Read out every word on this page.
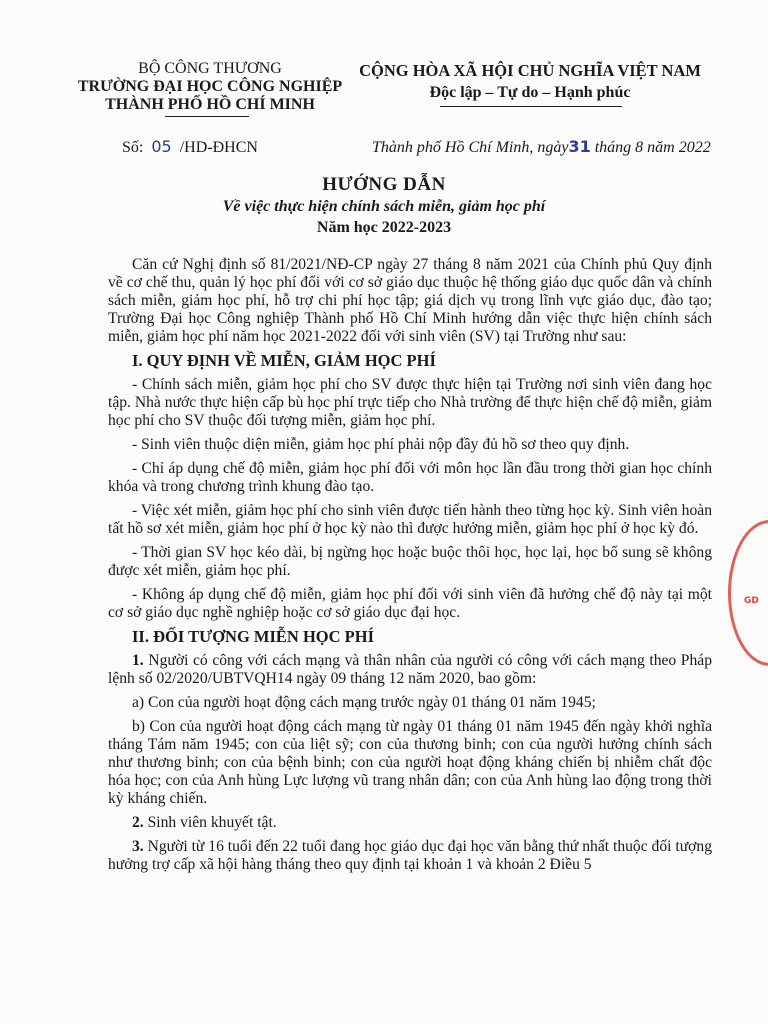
BỘ CÔNG THƯƠNG
TRƯỜNG ĐẠI HỌC CÔNG NGHIỆP
THÀNH PHỐ HỒ CHÍ MINH
CỘNG HÒA XÃ HỘI CHỦ NGHĨA VIỆT NAM
Độc lập – Tự do – Hạnh phúc
Số: 05 /HD-ĐHCN	Thành phố Hồ Chí Minh, ngày31 tháng 8 năm 2022
HƯỚNG DẪN
Về việc thực hiện chính sách miễn, giảm học phí
Năm học 2022-2023

Căn cứ Nghị định số 81/2021/NĐ-CP ngày 27 tháng 8 năm 2021 của Chính phủ Quy định về cơ chế thu, quản lý học phí đối với cơ sở giáo dục thuộc hệ thống giáo dục quốc dân và chính sách miễn, giảm học phí, hỗ trợ chi phí học tập; giá dịch vụ trong lĩnh vực giáo dục, đào tạo; Trường Đại học Công nghiệp Thành phố Hồ Chí Minh hướng dẫn việc thực hiện chính sách miễn, giảm học phí năm học 2021-2022 đối với sinh viên (SV) tại Trường như sau:

I. QUY ĐỊNH VỀ MIỄN, GIẢM HỌC PHÍ

- Chính sách miễn, giảm học phí cho SV được thực hiện tại Trường nơi sinh viên đang học tập. Nhà nước thực hiện cấp bù học phí trực tiếp cho Nhà trường để thực hiện chế độ miễn, giảm học phí cho SV thuộc đối tượng miễn, giảm học phí.

- Sinh viên thuộc diện miễn, giảm học phí phải nộp đầy đủ hồ sơ theo quy định.

- Chỉ áp dụng chế độ miễn, giảm học phí đối với môn học lần đầu trong thời gian học chính khóa và trong chương trình khung đào tạo.

- Việc xét miễn, giảm học phí cho sinh viên được tiến hành theo từng học kỳ. Sinh viên hoàn tất hồ sơ xét miễn, giảm học phí ở học kỳ nào thì được hưởng miễn, giảm học phí ở học kỳ đó.

- Thời gian SV học kéo dài, bị ngừng học hoặc buộc thôi học, học lại, học bổ sung sẽ không được xét miễn, giảm học phí.

- Không áp dụng chế độ miễn, giảm học phí đối với sinh viên đã hưởng chế độ này tại một cơ sở giáo dục nghề nghiệp hoặc cơ sở giáo dục đại học.

II. ĐỐI TƯỢNG MIỄN HỌC PHÍ

1. Người có công với cách mạng và thân nhân của người có công với cách mạng theo Pháp lệnh số 02/2020/UBTVQH14 ngày 09 tháng 12 năm 2020, bao gồm:

a) Con của người hoạt động cách mạng trước ngày 01 tháng 01 năm 1945;

b) Con của người hoạt động cách mạng từ ngày 01 tháng 01 năm 1945 đến ngày khởi nghĩa tháng Tám năm 1945; con của liệt sỹ; con của thương binh; con của người hưởng chính sách như thương binh; con của bệnh binh; con của người hoạt động kháng chiến bị nhiễm chất độc hóa học; con của Anh hùng Lực lượng vũ trang nhân dân; con của Anh hùng lao động trong thời kỳ kháng chiến.

2. Sinh viên khuyết tật.

3. Người từ 16 tuổi đến 22 tuổi đang học giáo dục đại học văn bằng thứ nhất thuộc đối tượng hưởng trợ cấp xã hội hàng tháng theo quy định tại khoản 1 và khoản 2 Điều 5

GD
